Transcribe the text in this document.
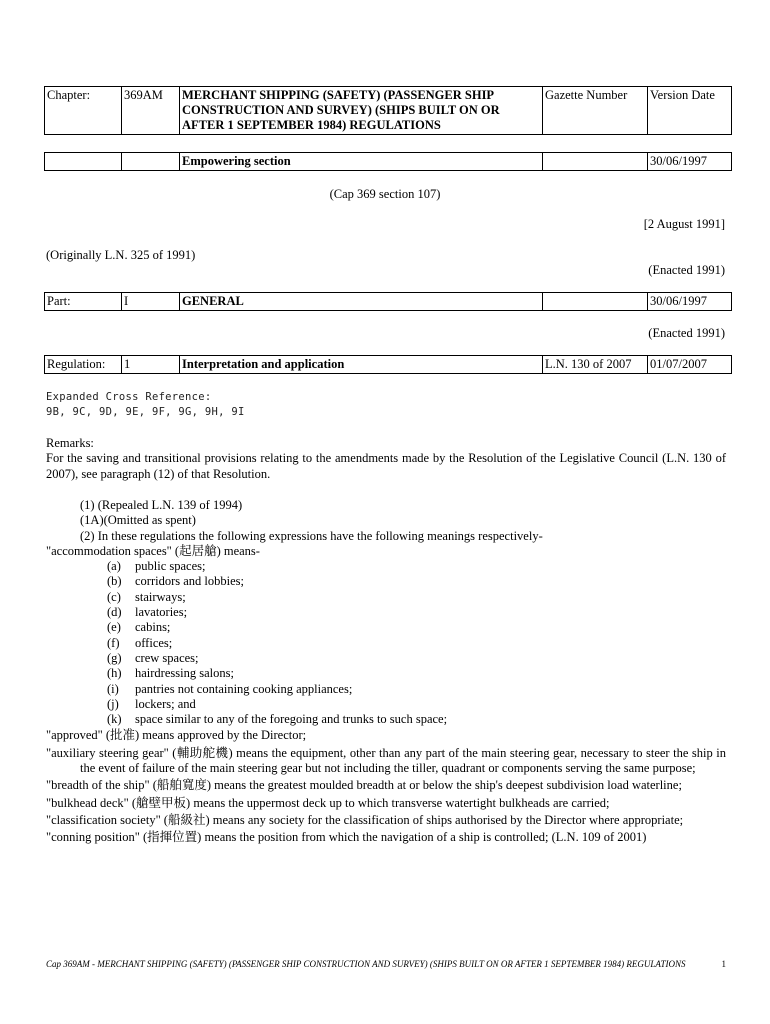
Chapter:	369AM	MERCHANT SHIPPING (SAFETY) (PASSENGER SHIP CONSTRUCTION AND SURVEY) (SHIPS BUILT ON OR AFTER 1 SEPTEMBER 1984) REGULATIONS	Gazette Number	Version Date
		Empowering section		30/06/1997
(Cap 369 section 107)
[2 August 1991]
(Originally L.N. 325 of 1991)
(Enacted 1991)
Part:	I	GENERAL		30/06/1997
(Enacted 1991)
Regulation:	1	Interpretation and application	L.N. 130 of 2007	01/07/2007
Expanded Cross Reference:
9B, 9C, 9D, 9E, 9F, 9G, 9H, 9I
Remarks:
For the saving and transitional provisions relating to the amendments made by the Resolution of the Legislative Council (L.N. 130 of 2007), see paragraph (12) of that Resolution.
(1) (Repealed L.N. 139 of 1994)
(1A)(Omitted as spent)
(2) In these regulations the following expressions have the following meanings respectively-
"accommodation spaces" (起居艙) means-
(a) public spaces;
(b) corridors and lobbies;
(c) stairways;
(d) lavatories;
(e) cabins;
(f) offices;
(g) crew spaces;
(h) hairdressing salons;
(i) pantries not containing cooking appliances;
(j) lockers; and
(k) space similar to any of the foregoing and trunks to such space;
"approved" (批准) means approved by the Director;
"auxiliary steering gear" (輔助舵機) means the equipment, other than any part of the main steering gear, necessary to steer the ship in the event of failure of the main steering gear but not including the tiller, quadrant or components serving the same purpose;
"breadth of the ship" (船舶寬度) means the greatest moulded breadth at or below the ship's deepest subdivision load waterline;
"bulkhead deck" (艙壁甲板) means the uppermost deck up to which transverse watertight bulkheads are carried;
"classification society" (船級社) means any society for the classification of ships authorised by the Director where appropriate;
"conning position" (指揮位置) means the position from which the navigation of a ship is controlled; (L.N. 109 of 2001)
Cap 369AM - MERCHANT SHIPPING (SAFETY) (PASSENGER SHIP CONSTRUCTION AND SURVEY) (SHIPS BUILT ON OR AFTER 1 SEPTEMBER 1984) REGULATIONS	1
